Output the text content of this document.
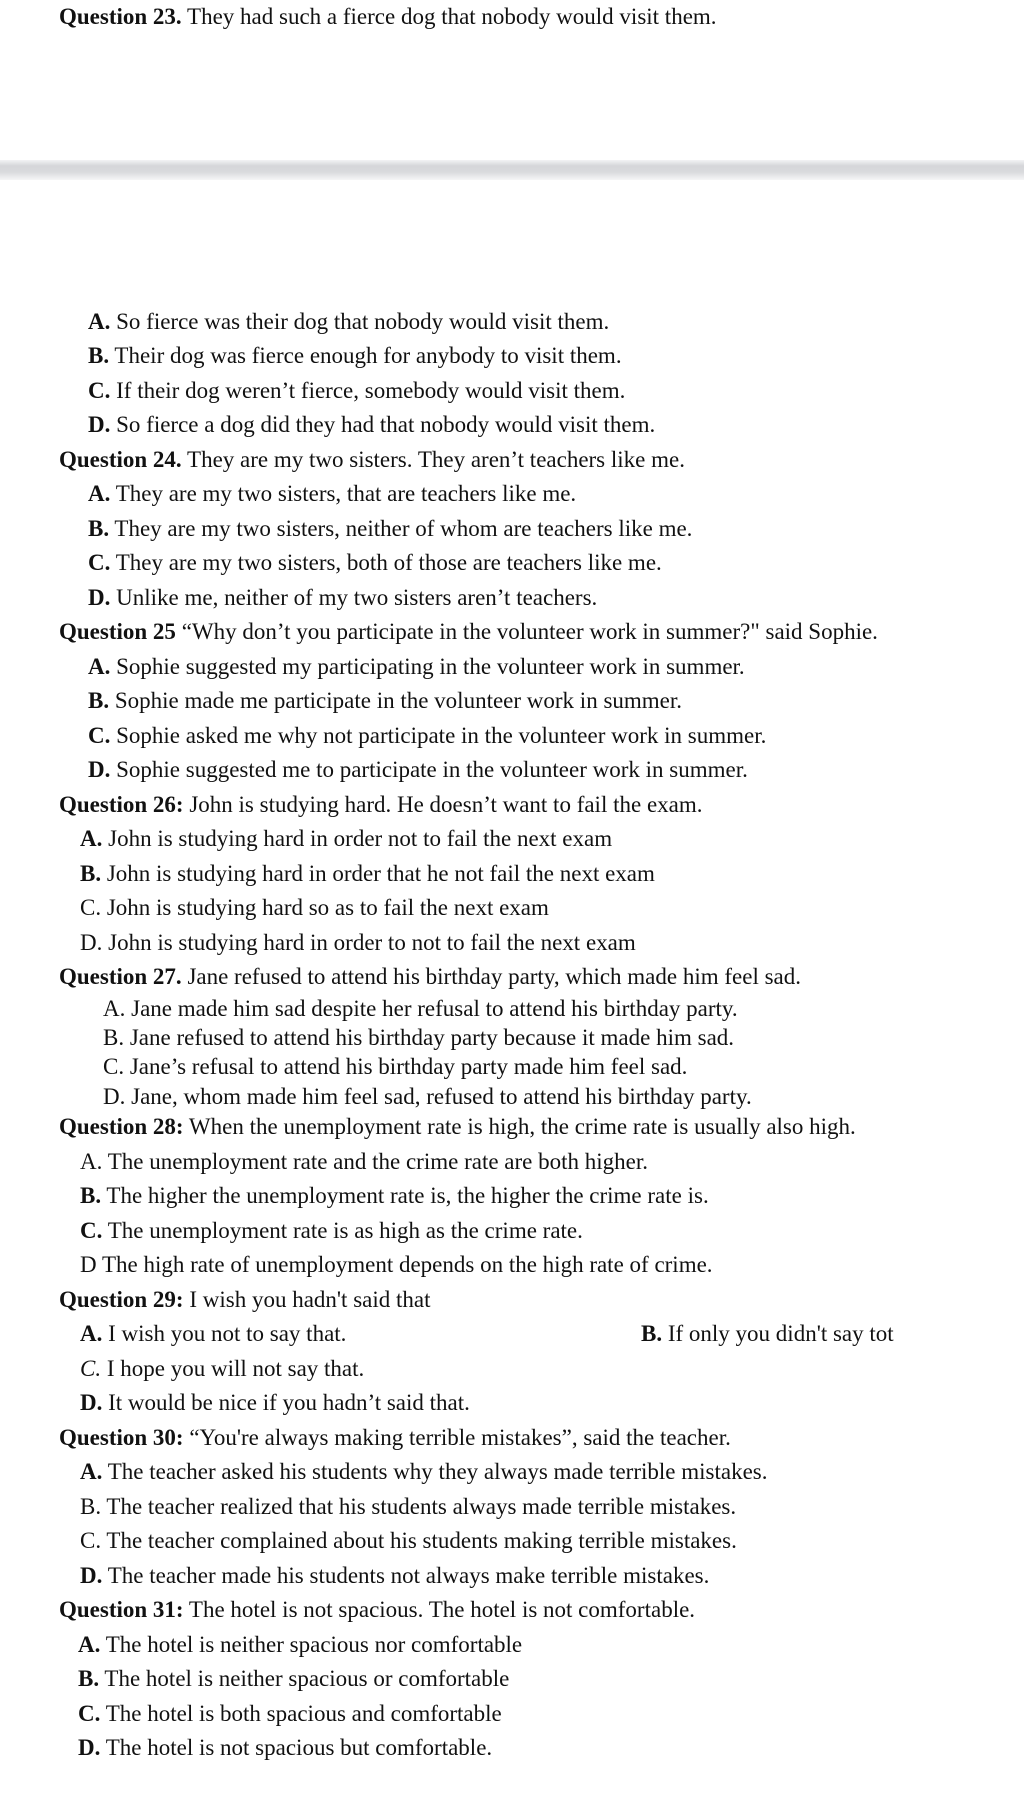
Question 23. They had such a fierce dog that nobody would visit them.

A. So fierce was their dog that nobody would visit them.

B. Their dog was fierce enough for anybody to visit them.

C. If their dog weren’t fierce, somebody would visit them.

D. So fierce a dog did they had that nobody would visit them.

Question 24. They are my two sisters. They aren’t teachers like me.

A. They are my two sisters, that are teachers like me.

B. They are my two sisters, neither of whom are teachers like me.

C. They are my two sisters, both of those are teachers like me.

D. Unlike me, neither of my two sisters aren’t teachers.

Question 25 “Why don’t you participate in the volunteer work in summer?" said Sophie.

A. Sophie suggested my participating in the volunteer work in summer.

B. Sophie made me participate in the volunteer work in summer.

C. Sophie asked me why not participate in the volunteer work in summer.

D. Sophie suggested me to participate in the volunteer work in summer.

Question 26: John is studying hard. He doesn’t want to fail the exam.

A. John is studying hard in order not to fail the next exam

B. John is studying hard in order that he not fail the next exam

C. John is studying hard so as to fail the next exam

D. John is studying hard in order to not to fail the next exam

Question 27. Jane refused to attend his birthday party, which made him feel sad.

A. Jane made him sad despite her refusal to attend his birthday party.

B. Jane refused to attend his birthday party because it made him sad.

C. Jane’s refusal to attend his birthday party made him feel sad.

D. Jane, whom made him feel sad, refused to attend his birthday party.

Question 28: When the unemployment rate is high, the crime rate is usually also high.

A. The unemployment rate and the crime rate are both higher.

B. The higher the unemployment rate is, the higher the crime rate is.

C. The unemployment rate is as high as the crime rate.

D The high rate of unemployment depends on the high rate of crime.

Question 29: I wish you hadn't said that

A. I wish you not to say that.	B. If only you didn't say tot

C. I hope you will not say that.

D. It would be nice if you hadn’t said that.

Question 30: “You're always making terrible mistakes”, said the teacher.

A. The teacher asked his students why they always made terrible mistakes.

B. The teacher realized that his students always made terrible mistakes.

C. The teacher complained about his students making terrible mistakes.

D. The teacher made his students not always make terrible mistakes.

Question 31: The hotel is not spacious. The hotel is not comfortable.

A. The hotel is neither spacious nor comfortable

B. The hotel is neither spacious or comfortable

C. The hotel is both spacious and comfortable

D. The hotel is not spacious but comfortable.
